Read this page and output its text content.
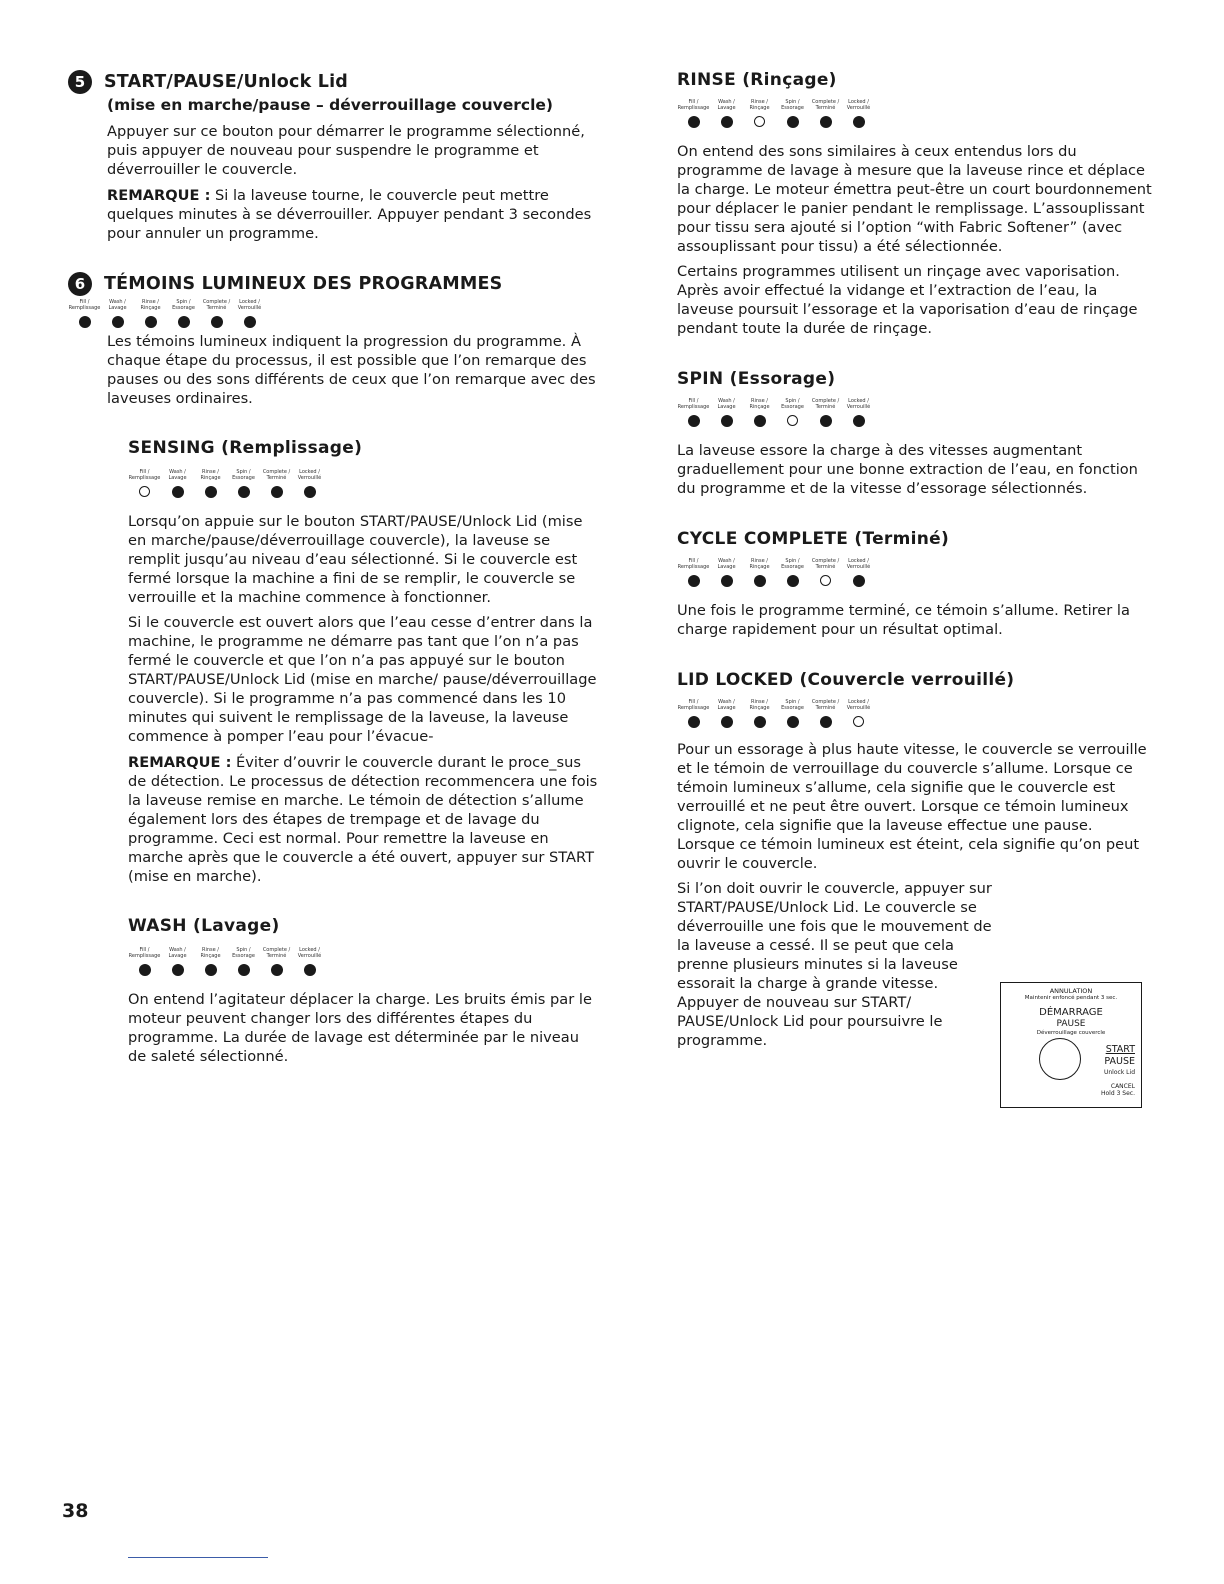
5	START/PAUSE/Unlock Lid
(mise en marche/pause – déverrouillage couvercle)

Appuyer sur ce bouton pour démarrer le programme sélectionné, puis appuyer de nouveau pour suspendre le programme et déverrouiller le couvercle.

REMARQUE : Si la laveuse tourne, le couvercle peut mettre quelques minutes à se déverrouiller. Appuyer pendant 3 secondes pour annuler un programme.

6	TÉMOINS LUMINEUX DES PROGRAMMES
Fill /
Remplissage
Wash /
Lavage
Rinse /
Rinçage
Spin /
Essorage
Complete /
Terminé
Locked /
Verrouillé

Les témoins lumineux indiquent la progression du programme. À chaque étape du processus, il est possible que l’on remarque des pauses ou des sons différents de ceux que l’on remarque avec des laveuses ordinaires.

SENSING (Remplissage)
Fill /
Remplissage
Wash /
Lavage
Rinse /
Rinçage
Spin /
Essorage
Complete /
Terminé
Locked /
Verrouillé

Lorsqu’on appuie sur le bouton START/PAUSE/Unlock Lid (mise en marche/pause/déverrouillage couvercle), la laveuse se remplit jusqu’au niveau d’eau sélectionné. Si le couvercle est fermé lorsque la machine a fini de se remplir, le couvercle se verrouille et la machine commence à fonctionner.

Si le couvercle est ouvert alors que l’eau cesse d’entrer dans la machine, le programme ne démarre pas tant que l’on n’a pas fermé le couvercle et que l’on n’a pas appuyé sur le bouton START/PAUSE/Unlock Lid (mise en marche/ pause/déverrouillage couvercle). Si le programme n’a pas commencé dans les 10 minutes qui suivent le remplissage de la laveuse, la laveuse commence à pomper l’eau pour l’évacue-

REMARQUE : Éviter d’ouvrir le couvercle durant le proce_sus de détection. Le processus de détection recommencera une fois la laveuse remise en marche. Le témoin de détection s’allume également lors des étapes de trempage et de lavage du programme. Ceci est normal. Pour remettre la laveuse en marche après que le couvercle a été ouvert, appuyer sur START (mise en marche).

WASH (Lavage)
Fill /
Remplissage
Wash /
Lavage
Rinse /
Rinçage
Spin /
Essorage
Complete /
Terminé
Locked /
Verrouillé

On entend l’agitateur déplacer la charge. Les bruits émis par le moteur peuvent changer lors des différentes étapes du programme. La durée de lavage est déterminée par le niveau de saleté sélectionné.

RINSE (Rinçage)
Fill /
Remplissage
Wash /
Lavage
Rinse /
Rinçage
Spin /
Essorage
Complete /
Terminé
Locked /
Verrouillé

On entend des sons similaires à ceux entendus lors du programme de lavage à mesure que la laveuse rince et déplace la charge. Le moteur émettra peut-être un court bourdonnement pour déplacer le panier pendant le remplissage. L’assouplissant pour tissu sera ajouté si l’option “with Fabric Softener” (avec assouplissant pour tissu) a été sélectionnée.

Certains programmes utilisent un rinçage avec vaporisation. Après avoir effectué la vidange et l’extraction de l’eau, la laveuse poursuit l’essorage et la vaporisation d’eau de rinçage pendant toute la durée de rinçage.

SPIN (Essorage)
Fill /
Remplissage
Wash /
Lavage
Rinse /
Rinçage
Spin /
Essorage
Complete /
Terminé
Locked /
Verrouillé

La laveuse essore la charge à des vitesses augmentant graduellement pour une bonne extraction de l’eau, en fonction du programme et de la vitesse d’essorage sélectionnés.

CYCLE COMPLETE (Terminé)
Fill /
Remplissage
Wash /
Lavage
Rinse /
Rinçage
Spin /
Essorage
Complete /
Terminé
Locked /
Verrouillé

Une fois le programme terminé, ce témoin s’allume. Retirer la charge rapidement pour un résultat optimal.

LID LOCKED (Couvercle verrouillé)
Fill /
Remplissage
Wash /
Lavage
Rinse /
Rinçage
Spin /
Essorage
Complete /
Terminé
Locked /
Verrouillé

Pour un essorage à plus haute vitesse, le couvercle se verrouille et le témoin de verrouillage du couvercle s’allume. Lorsque ce témoin lumineux s’allume, cela signifie que le couvercle est verrouillé et ne peut être ouvert. Lorsque ce témoin lumineux clignote, cela signifie que la laveuse effectue une pause. Lorsque ce témoin lumineux est éteint, cela signifie qu’on peut ouvrir le couvercle.

Si l’on doit ouvrir le couvercle, appuyer sur START/PAUSE/Unlock Lid. Le couvercle se déverrouille une fois que le mouvement de la laveuse a cessé. Il se peut que cela prenne plusieurs minutes si la laveuse essorait la charge à grande vitesse. Appuyer de nouveau sur START/ PAUSE/Unlock Lid pour poursuivre le programme.

ANNULATION
Maintenir enfoncé pendant 3 sec.
DÉMARRAGE
PAUSE
Déverrouillage couvercle
START
PAUSE
Unlock Lid
CANCEL
Hold 3 Sec.
38
